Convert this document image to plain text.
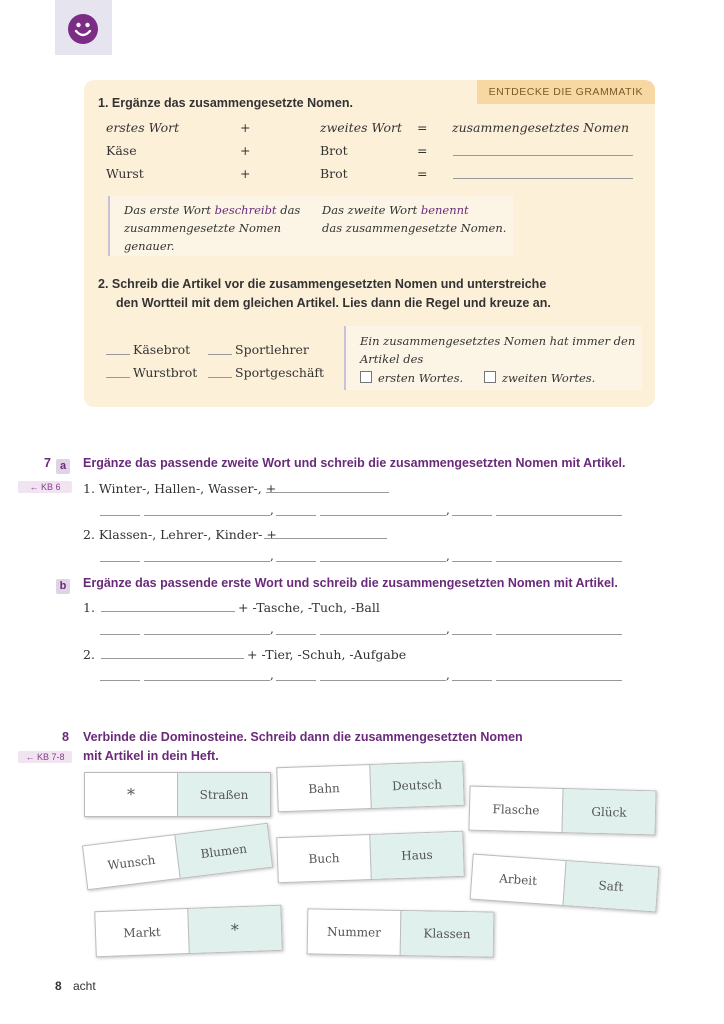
ENTDECKE DIE GRAMMATIK
1. Ergänze das zusammengesetzte Nomen.
erstes Wort	+	zweites Wort = zusammengesetztes Nomen
Käse	+	Brot	=
Wurst	+	Brot	=
Das erste Wort beschreibt das
zusammengesetzte Nomen
genauer.
Das zweite Wort benennt
das zusammengesetzte Nomen.
2. Schreib die Artikel vor die zusammengesetzten Nomen und unterstreiche
den Wortteil mit dem gleichen Artikel. Lies dann die Regel und kreuze an.
Käsebrot	Sportlehrer
Wurstbrot	Sportgeschäft
Ein zusammengesetztes Nomen hat immer den
Artikel des
ersten Wortes.	zweiten Wortes.
7 a	Ergänze das passende zweite Wort und schreib die zusammengesetzten Nomen mit Artikel.
← KB 6	1. Winter-, Hallen-, Wasser-, +
,	,
2. Klassen-, Lehrer-, Kinder- +
,	,
b Ergänze das passende erste Wort und schreib die zusammengesetzten Nomen mit Artikel.
1.	+ -Tasche, -Tuch, -Ball
,	,
2.	+ -Tier, -Schuh, -Aufgabe
,	,
8 Verbinde die Dominosteine. Schreib dann die zusammengesetzten Nomen
mit Artikel in dein Heft.
← KB 7-8
*	Straßen	Bahn	Deutsch
Flasche	Glück
Wunsch
Blumen	Buch	Haus
Arbeit	Saft
Markt	*	Nummer	Klassen
8 acht
